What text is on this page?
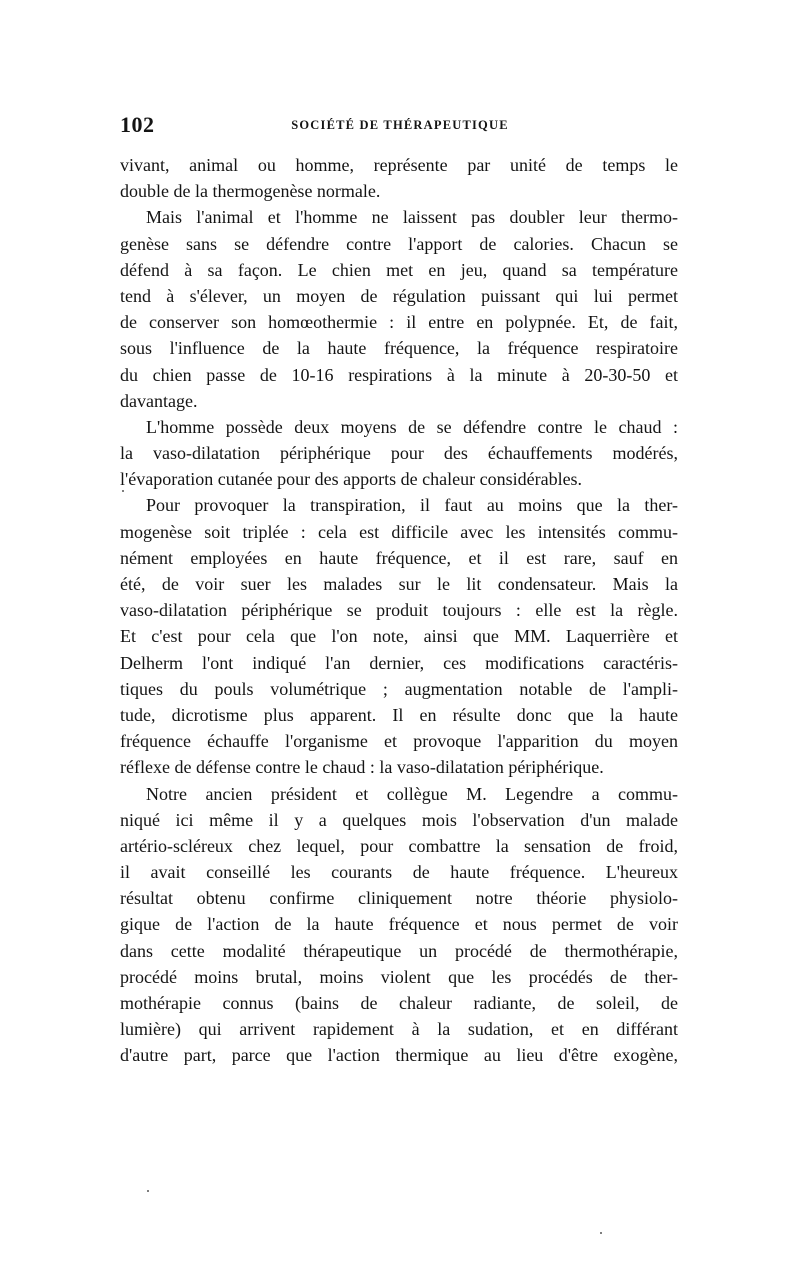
102	SOCIÉTÉ DE THÉRAPEUTIQUE
vivant, animal ou homme, représente par unité de temps le
double de la thermogenèse normale.
Mais l'animal et l'homme ne laissent pas doubler leur thermo-
genèse sans se défendre contre l'apport de calories. Chacun se
défend à sa façon. Le chien met en jeu, quand sa température
tend à s'élever, un moyen de régulation puissant qui lui permet
de conserver son homœothermie : il entre en polypnée. Et, de fait,
sous l'influence de la haute fréquence, la fréquence respiratoire
du chien passe de 10-16 respirations à la minute à 20-30-50 et
davantage.
L'homme possède deux moyens de se défendre contre le chaud :
la vaso-dilatation périphérique pour des échauffements modérés,
l'évaporation cutanée pour des apports de chaleur considérables.
Pour provoquer la transpiration, il faut au moins que la ther-
mogenèse soit triplée : cela est difficile avec les intensités commu-
nément employées en haute fréquence, et il est rare, sauf en
été, de voir suer les malades sur le lit condensateur. Mais la
vaso-dilatation périphérique se produit toujours : elle est la règle.
Et c'est pour cela que l'on note, ainsi que MM. Laquerrière et
Delherm l'ont indiqué l'an dernier, ces modifications caractéris-
tiques du pouls volumétrique ; augmentation notable de l'ampli-
tude, dicrotisme plus apparent. Il en résulte donc que la haute
fréquence échauffe l'organisme et provoque l'apparition du moyen
réflexe de défense contre le chaud : la vaso-dilatation périphérique.
Notre ancien président et collègue M. Legendre a commu-
niqué ici même il y a quelques mois l'observation d'un malade
artério-scléreux chez lequel, pour combattre la sensation de froid,
il avait conseillé les courants de haute fréquence. L'heureux
résultat obtenu confirme cliniquement notre théorie physiolo-
gique de l'action de la haute fréquence et nous permet de voir
dans cette modalité thérapeutique un procédé de thermothérapie,
procédé moins brutal, moins violent que les procédés de ther-
mothérapie connus (bains de chaleur radiante, de soleil, de
lumière) qui arrivent rapidement à la sudation, et en différant
d'autre part, parce que l'action thermique au lieu d'être exogène,
